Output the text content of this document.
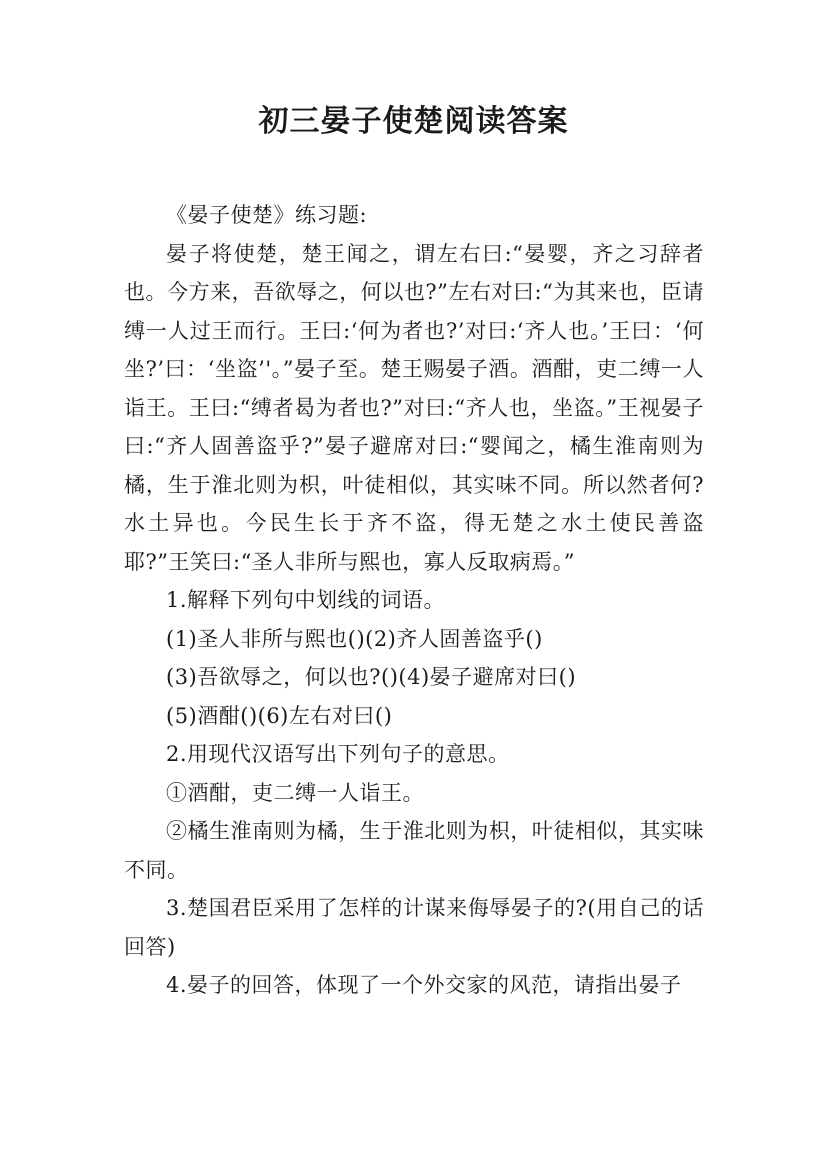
初三晏子使楚阅读答案

《晏子使楚》练习题:

晏子将使楚，楚王闻之，谓左右曰:“晏婴，齐之习辞者也。今方来，吾欲辱之，何以也?”左右对曰:“为其来也，臣请缚一人过王而行。王曰:‘何为者也?’对曰:‘齐人也。’王曰：‘何坐?’曰：‘坐盗’'。”晏子至。楚王赐晏子酒。酒酣，吏二缚一人诣王。王曰:“缚者曷为者也?”对曰:“齐人也，坐盗。”王视晏子曰:“齐人固善盗乎?”晏子避席对曰:“婴闻之，橘生淮南则为橘，生于淮北则为枳，叶徒相似，其实味不同。所以然者何?水土异也。今民生长于齐不盗，得无楚之水土使民善盗耶?”王笑曰:“圣人非所与熙也，寡人反取病焉。”

1.解释下列句中划线的词语。

(1)圣人非所与熙也()(2)齐人固善盗乎()

(3)吾欲辱之，何以也?()(4)晏子避席对曰()

(5)酒酣()(6)左右对曰()

2.用现代汉语写出下列句子的意思。

①酒酣，吏二缚一人诣王。

②橘生淮南则为橘，生于淮北则为枳，叶徒相似，其实味不同。

3.楚国君臣采用了怎样的计谋来侮辱晏子的?(用自己的话回答)

4.晏子的回答，体现了一个外交家的风范，请指出晏子
